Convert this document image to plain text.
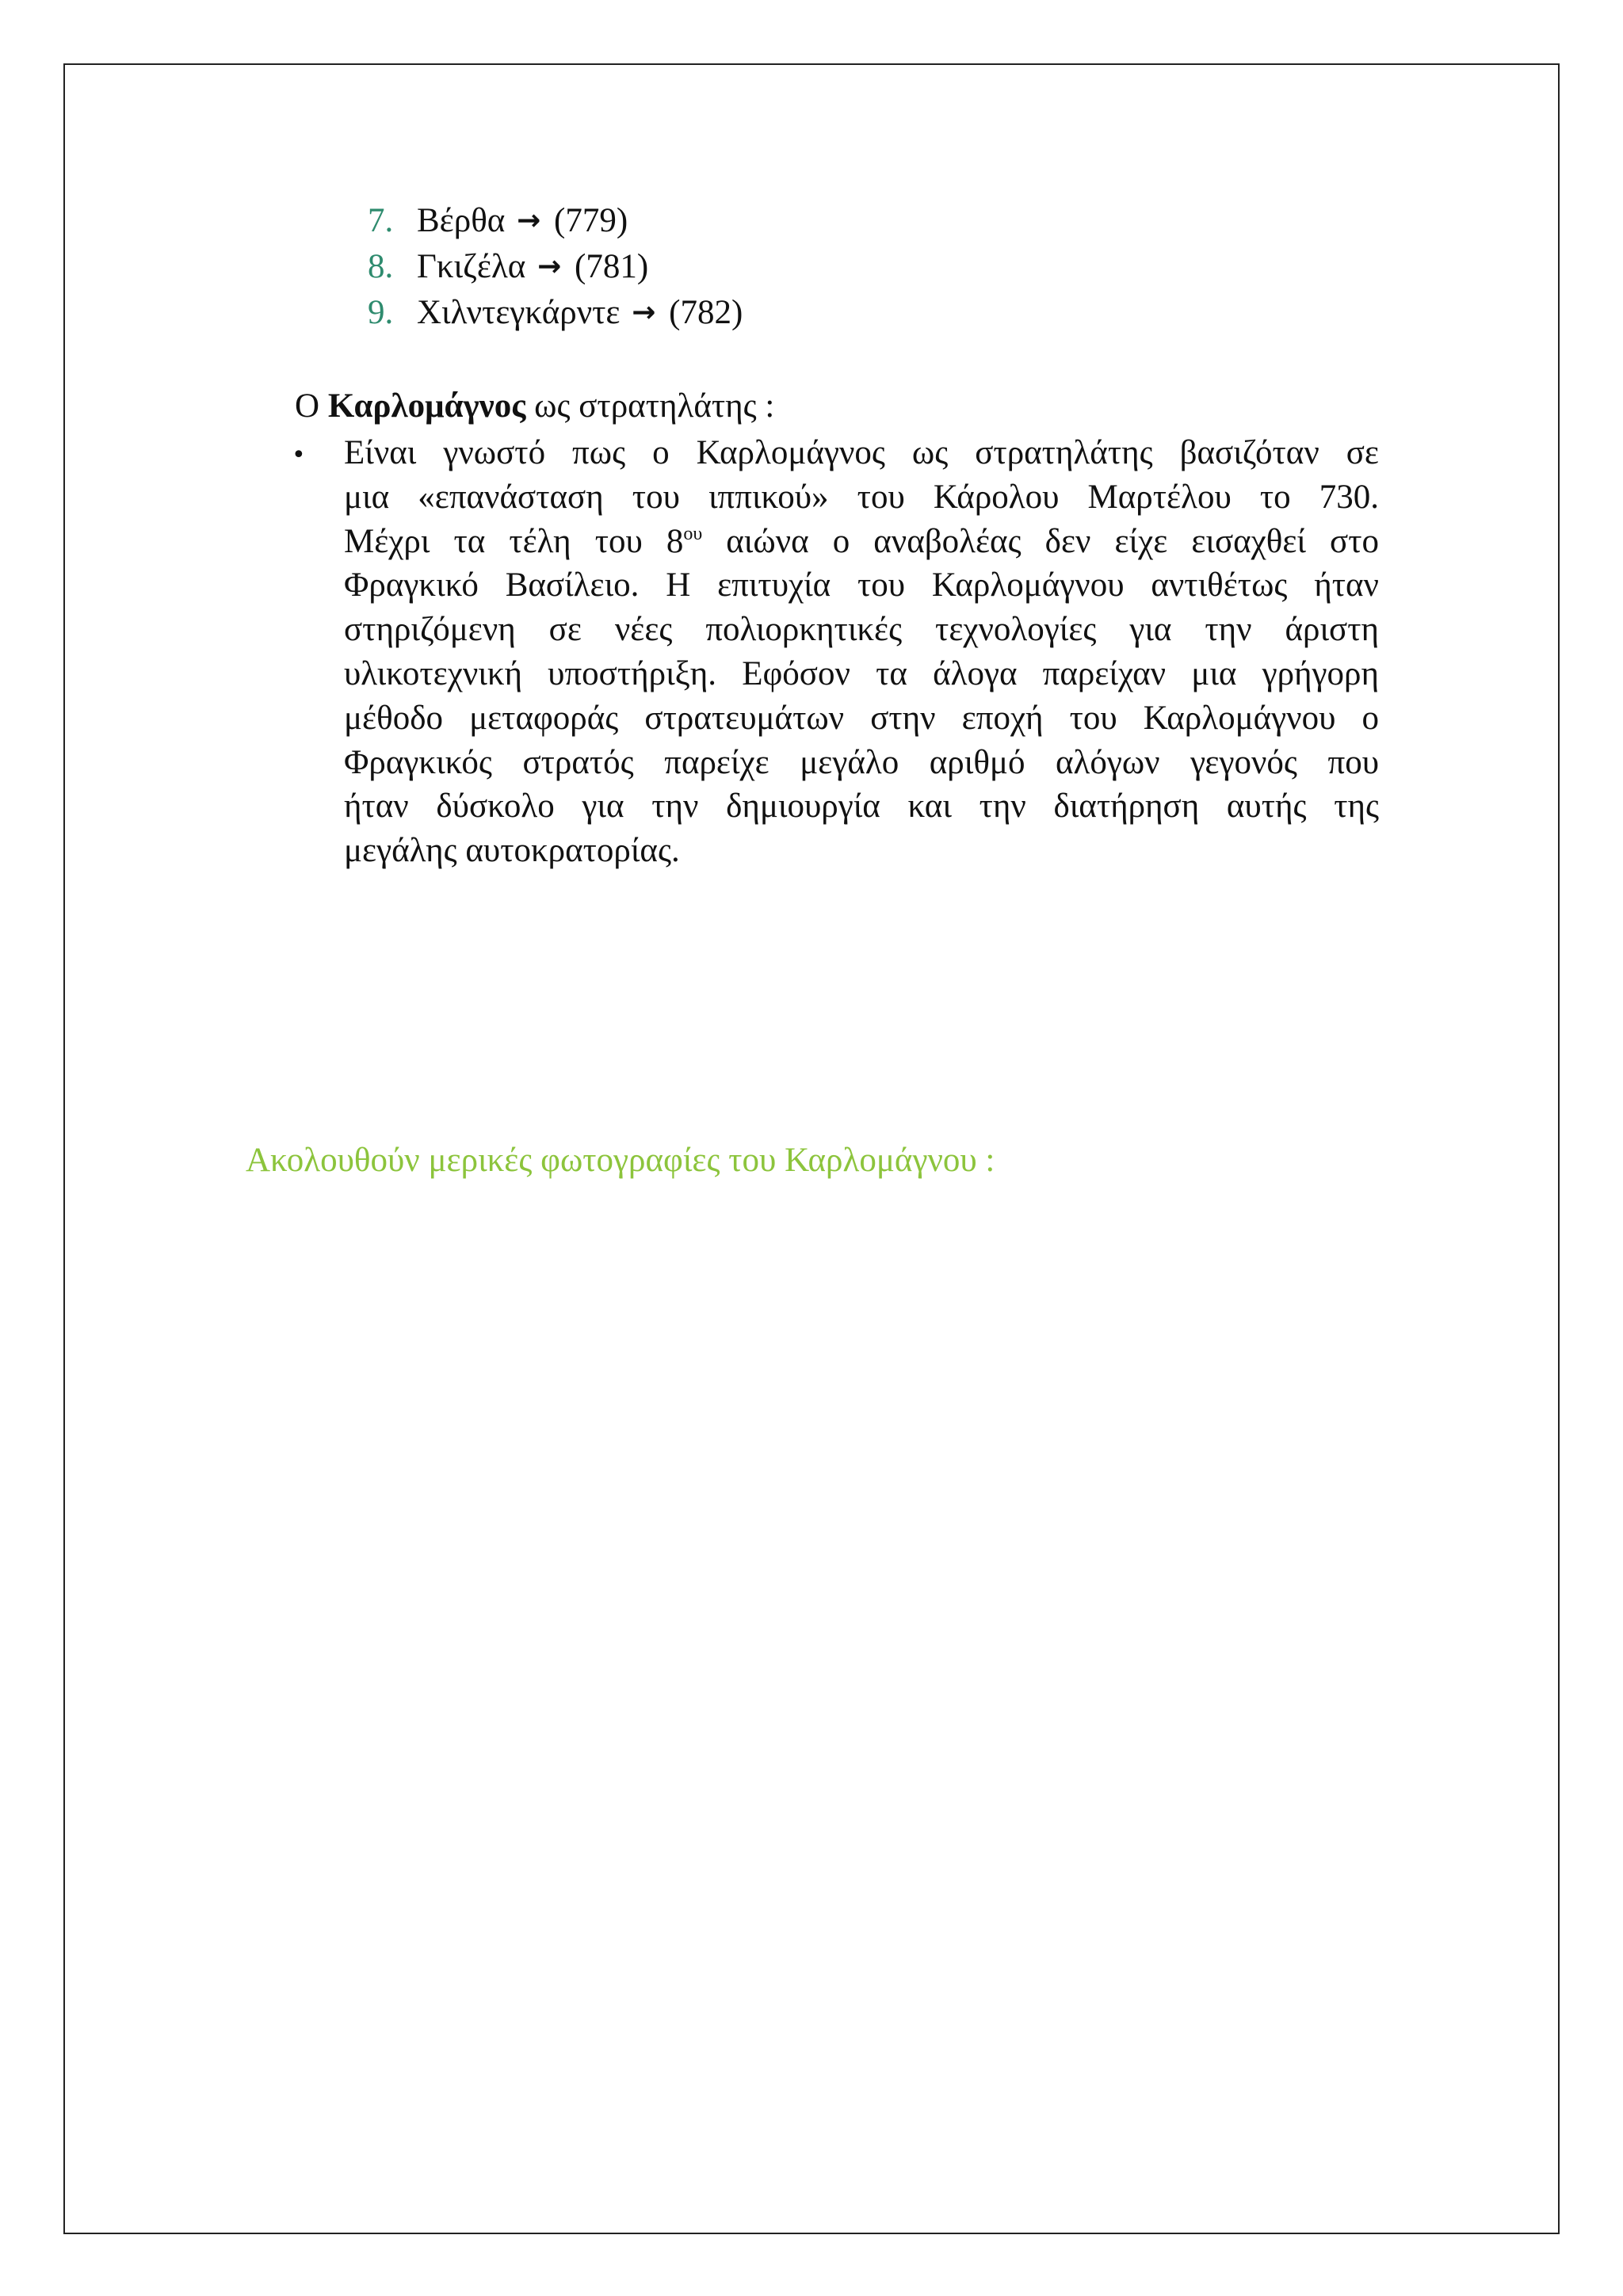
7. Βέρθα → (779)
8. Γκιζέλα → (781)
9. Χιλντεγκάρντε → (782)
Ο Καρλομάγνος ως στρατηλάτης :
• Είναι γνωστό πως ο Καρλομάγνος ως στρατηλάτης βασιζόταν σε
μια «επανάσταση του ιππικού» του Κάρολου Μαρτέλου το 730.
Μέχρι τα τέλη του $8^{o\upsilon}$ αιώνα ο αναβολέας δεν είχε εισαχθεί στο
Φραγκικό Βασίλειο. Η επιτυχία του Καρλομάγνου αντιθέτως ήταν
στηριζόμενη σε νέες πολιορκητικές τεχνολογίες για την άριστη
υλικοτεχνική υποστήριξη. Εφόσον τα άλογα παρείχαν μια γρήγορη
μέθοδο μεταφοράς στρατευμάτων στην εποχή του Καρλομάγνου ο
Φραγκικός στρατός παρείχε μεγάλο αριθμό αλόγων γεγονός που
ήταν δύσκολο για την δημιουργία και την διατήρηση αυτής της
μεγάλης αυτοκρατορίας.

Ακολουθούν μερικές φωτογραφίες του Καρλομάγνου :
